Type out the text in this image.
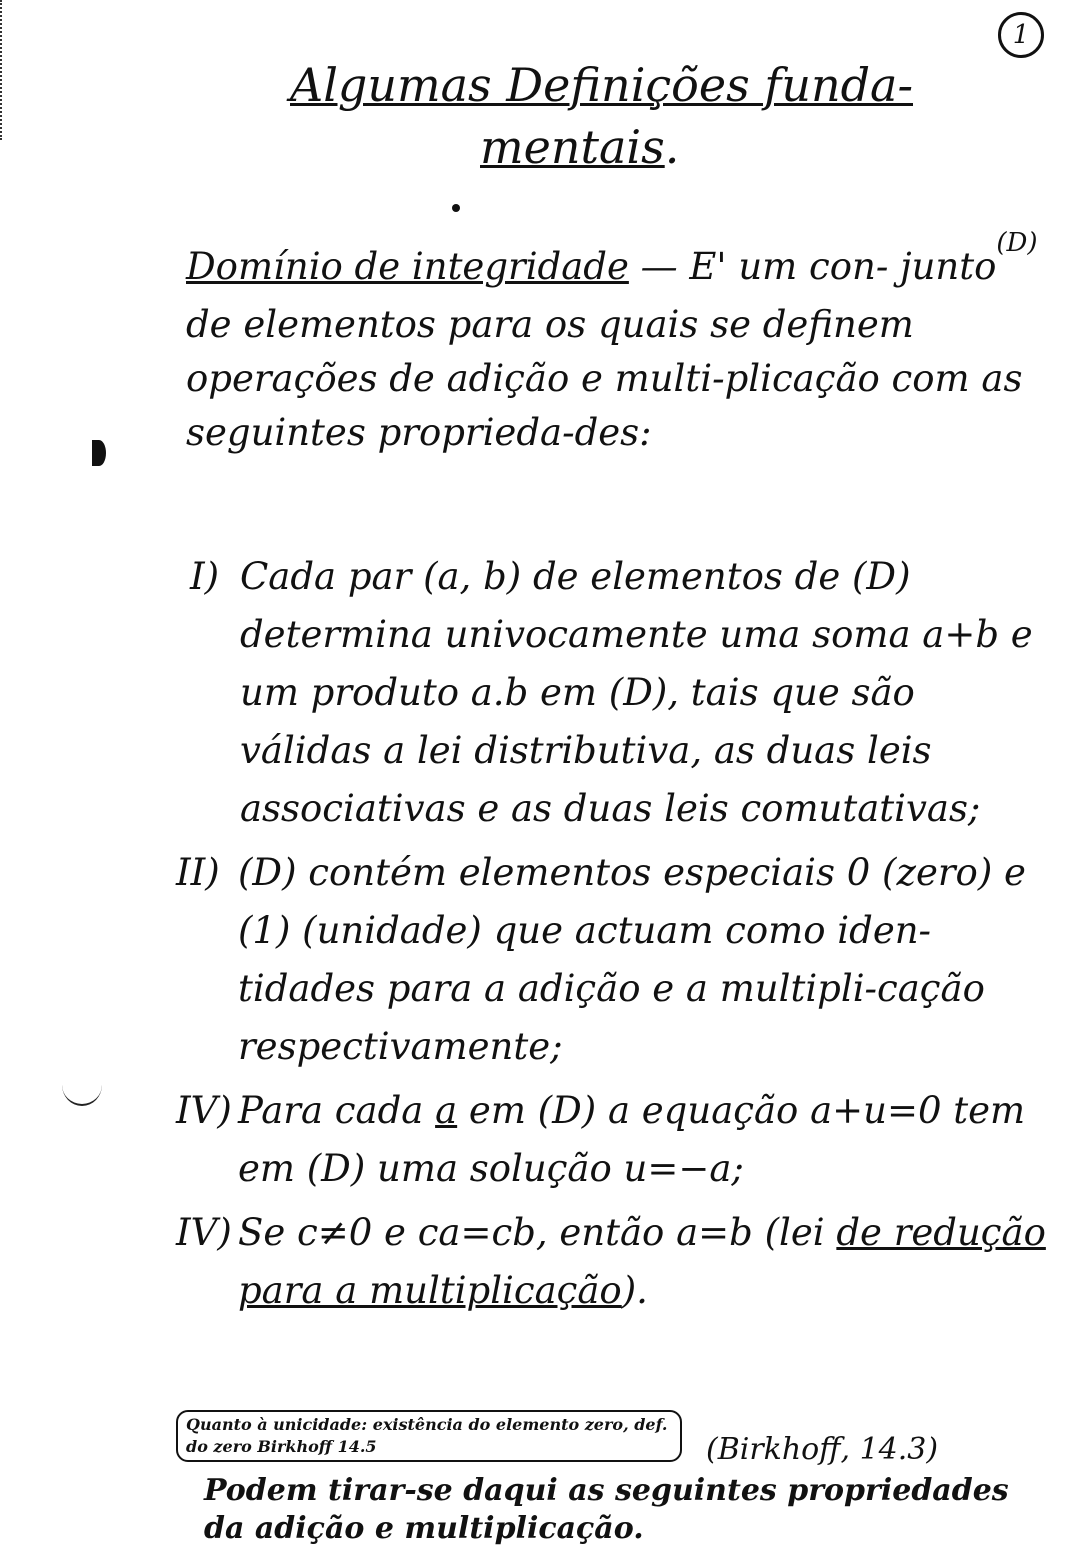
1
Algumas Definições funda-
mentais.

Domínio de integridade — E' um con- junto$^{(D)}$ de elementos para os quais se definem operações de adição e multi-plicação com as seguintes proprieda-des:

I) Cada par (a, b) de elementos de (D) determina univocamente uma soma a+b e um produto a.b em (D), tais que são válidas a lei distributiva, as duas leis associativas e as duas leis comutativas;
II) (D) contém elementos especiais 0 (zero) e (1) (unidade) que actuam como iden-tidades para a adição e a multipli-cação respectivamente;
IV) Para cada a em (D) a equação a+u=0 tem em (D) uma solução u=−a;
IV) Se c≠0 e ca=cb, então a=b (lei de redução para a multiplicação).
Quanto à unicidade: existência do elemento zero, def. do zero Birkhoff 14.5	(Birkhoff, 14.3)
Podem tirar-se daqui as seguintes propriedades da adição e multiplicação.
